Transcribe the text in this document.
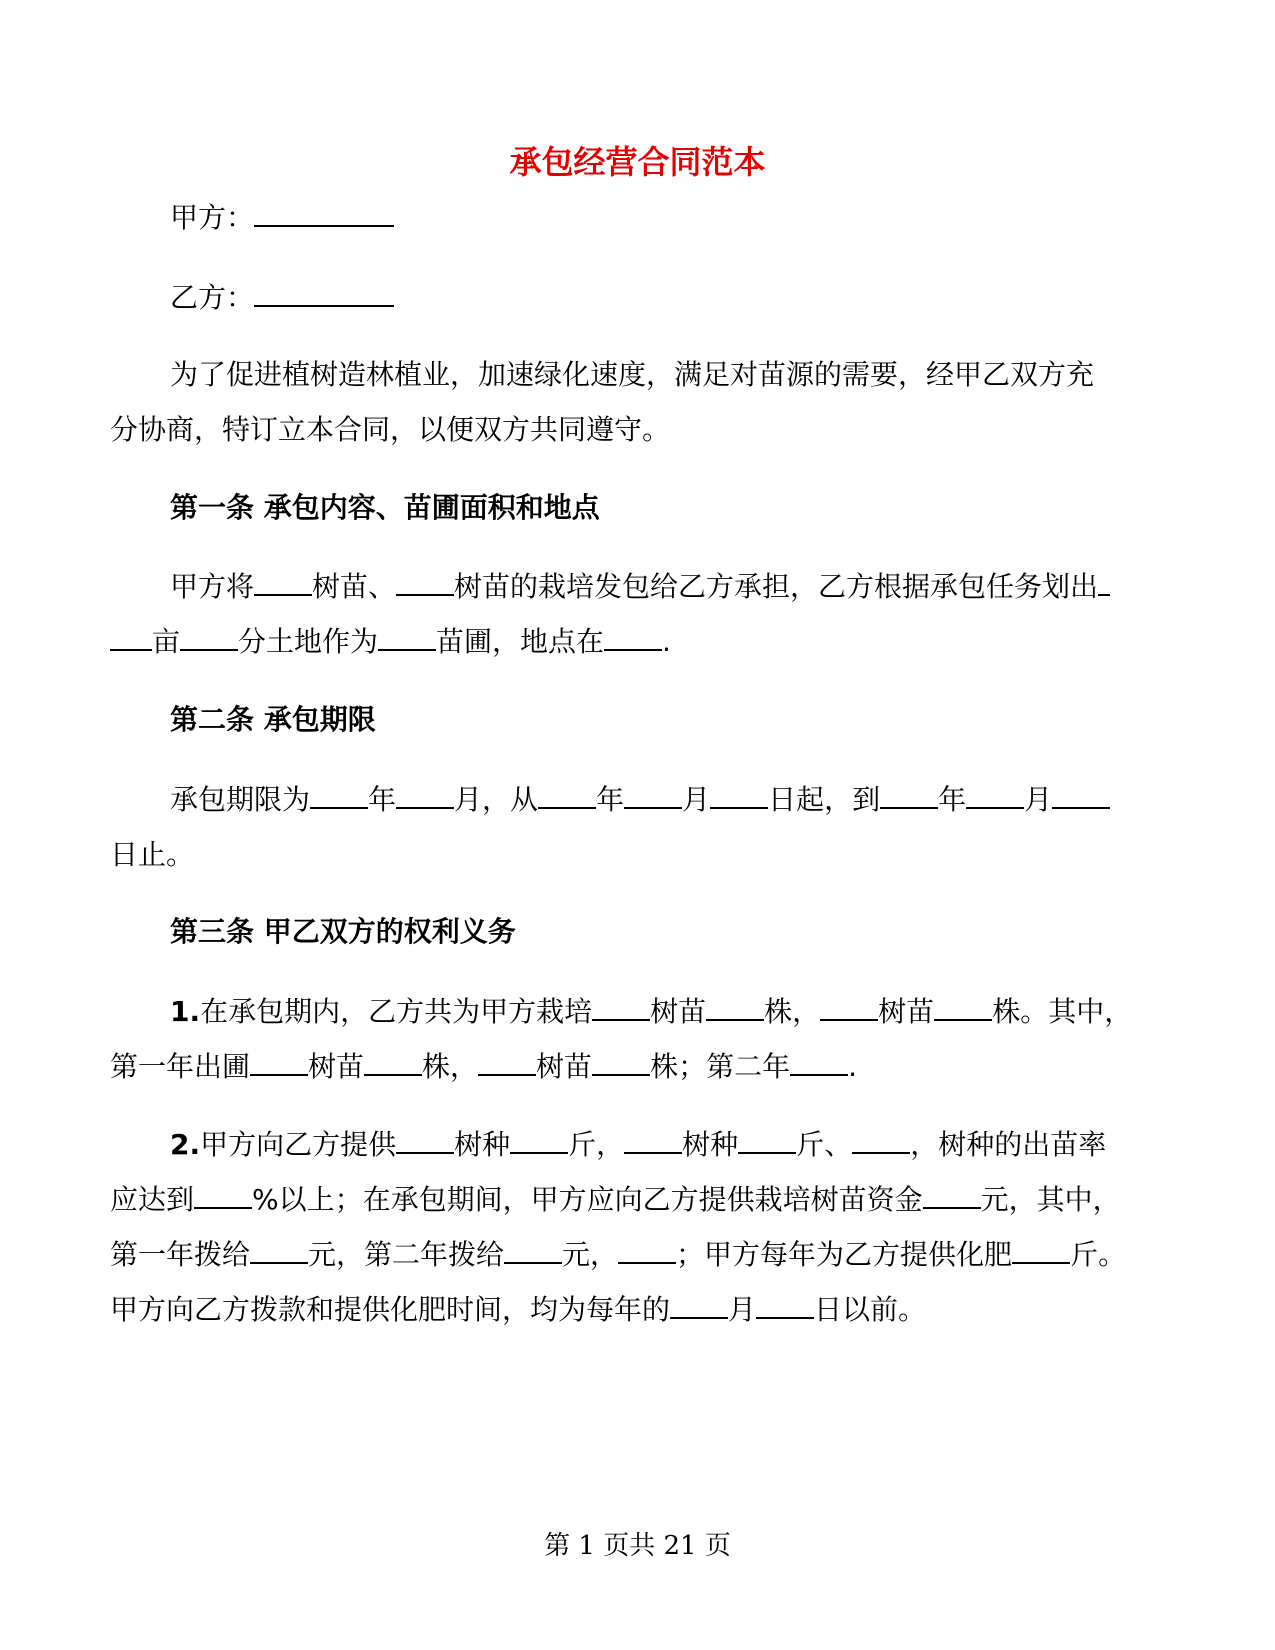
承包经营合同范本
甲方：
乙方：
为了促进植树造林植业，加速绿化速度，满足对苗源的需要，经甲乙双方充
分协商，特订立本合同，以便双方共同遵守。
第一条 承包内容、苗圃面积和地点
甲方将 树苗、 树苗的栽培发包给乙方承担，乙方根据承包任务划出
亩 分土地作为 苗圃，地点在 .
第二条 承包期限
承包期限为 年 月，从 年 月 日起，到 年 月
日止。
第三条 甲乙双方的权利义务
1.在承包期内，乙方共为甲方栽培 树苗 株， 树苗 株。其中，
第一年出圃 树苗 株， 树苗 株；第二年 .
2.甲方向乙方提供 树种 斤， 树种 斤、 ，树种的出苗率
应达到 %以上；在承包期间，甲方应向乙方提供栽培树苗资金 元，其中，
第一年拨给 元，第二年拨给 元， ；甲方每年为乙方提供化肥 斤。
甲方向乙方拨款和提供化肥时间，均为每年的 月 日以前。
第 1 页共 21 页
